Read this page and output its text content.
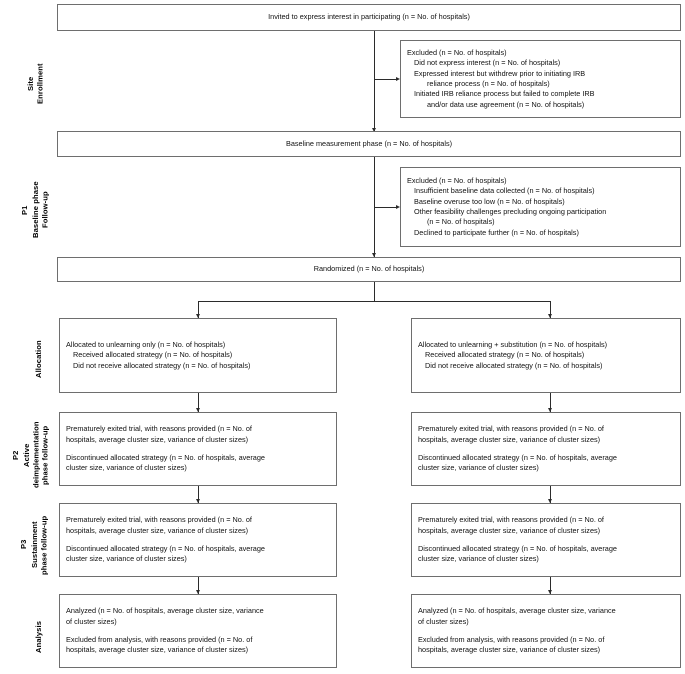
Site
Enrollment
P1 Baseline phase
Follow-up
Allocation
P2 Active
deimplementation
phase follow-up
P3 Sustainment
phase follow-up
Analysis
Invited to express interest in participating (n = No. of hospitals)
Excluded (n = No. of hospitals)
Did not express interest (n = No. of hospitals)
Expressed interest but withdrew prior to initiating IRB
reliance process (n = No. of hospitals)
Initiated IRB reliance process but failed to complete IRB
and/or data use agreement (n = No. of hospitals)
Baseline measurement phase (n = No. of hospitals)
Excluded (n = No. of hospitals)
Insufficient baseline data collected (n = No. of hospitals)
Baseline overuse too low (n = No. of hospitals)
Other feasibility challenges precluding ongoing participation
(n = No. of hospitals)
Declined to participate further (n = No. of hospitals)
Randomized (n = No. of hospitals)
Allocated to unlearning only (n = No. of hospitals)
Received allocated strategy (n = No. of hospitals)
Did not receive allocated strategy (n = No. of hospitals)
Allocated to unlearning + substitution (n = No. of hospitals)
Received allocated strategy (n = No. of hospitals)
Did not receive allocated strategy (n = No. of hospitals)
Prematurely exited trial, with reasons provided (n = No. of
hospitals, average cluster size, variance of cluster sizes)
Discontinued allocated strategy (n = No. of hospitals, average
cluster size, variance of cluster sizes)
Prematurely exited trial, with reasons provided (n = No. of
hospitals, average cluster size, variance of cluster sizes)
Discontinued allocated strategy (n = No. of hospitals, average
cluster size, variance of cluster sizes)
Prematurely exited trial, with reasons provided (n = No. of
hospitals, average cluster size, variance of cluster sizes)
Discontinued allocated strategy (n = No. of hospitals, average
cluster size, variance of cluster sizes)
Prematurely exited trial, with reasons provided (n = No. of
hospitals, average cluster size, variance of cluster sizes)
Discontinued allocated strategy (n = No. of hospitals, average
cluster size, variance of cluster sizes)
Analyzed (n = No. of hospitals, average cluster size, variance
of cluster sizes)
Excluded from analysis, with reasons provided (n = No. of
hospitals, average cluster size, variance of cluster sizes)
Analyzed (n = No. of hospitals, average cluster size, variance
of cluster sizes)
Excluded from analysis, with reasons provided (n = No. of
hospitals, average cluster size, variance of cluster sizes)
